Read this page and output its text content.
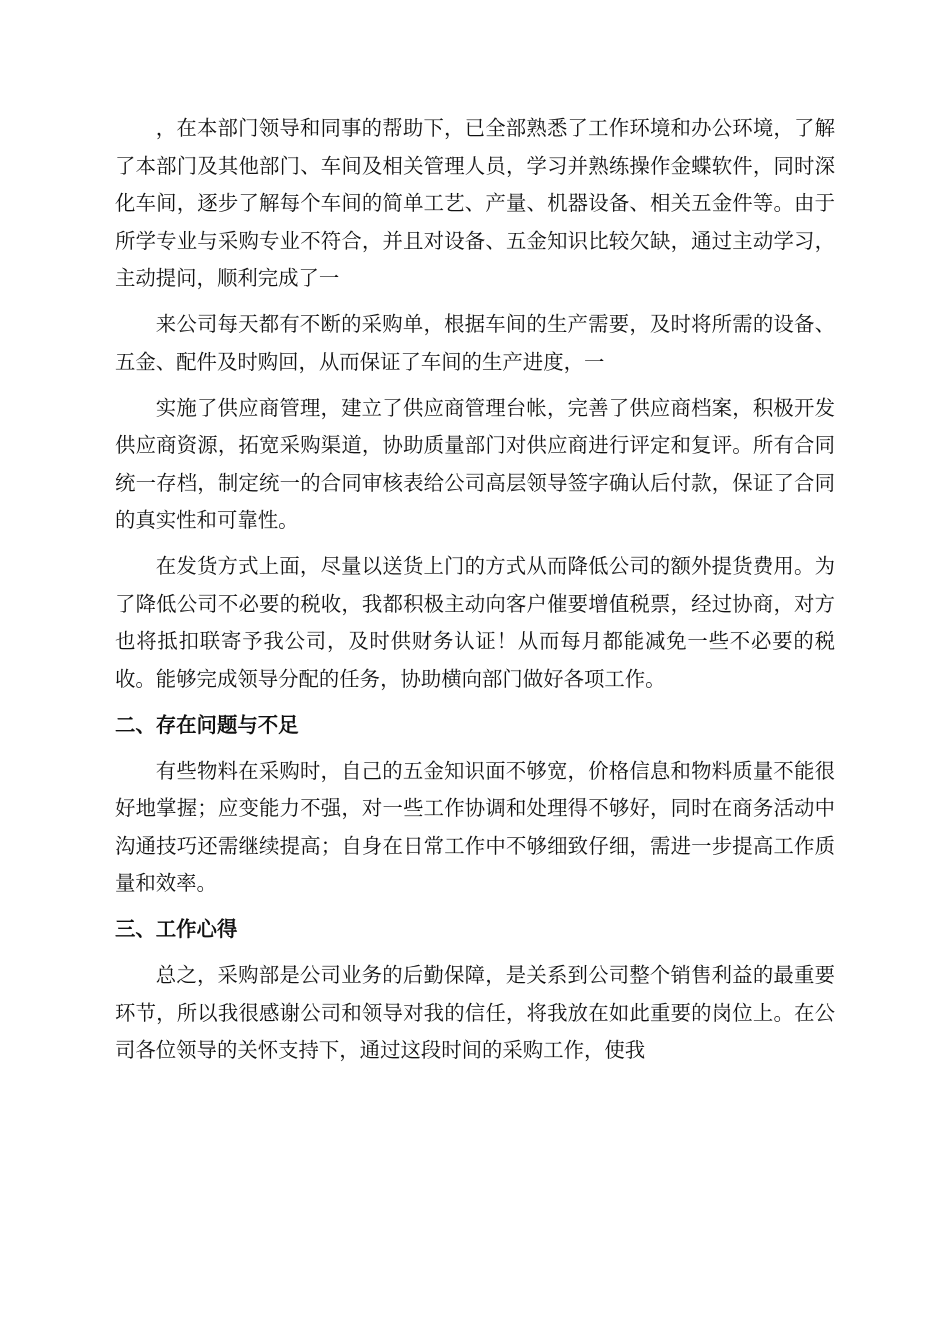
，在本部门领导和同事的帮助下，已全部熟悉了工作环境和办公环境，了解了本部门及其他部门、车间及相关管理人员，学习并熟练操作金蝶软件，同时深化车间，逐步了解每个车间的简单工艺、产量、机器设备、相关五金件等。由于所学专业与采购专业不符合，并且对设备、五金知识比较欠缺，通过主动学习，主动提问，顺利完成了一

来公司每天都有不断的采购单，根据车间的生产需要，及时将所需的设备、五金、配件及时购回，从而保证了车间的生产进度，一

实施了供应商管理，建立了供应商管理台帐，完善了供应商档案，积极开发供应商资源，拓宽采购渠道，协助质量部门对供应商进行评定和复评。所有合同统一存档，制定统一的合同审核表给公司高层领导签字确认后付款，保证了合同的真实性和可靠性。

在发货方式上面，尽量以送货上门的方式从而降低公司的额外提货费用。为了降低公司不必要的税收，我都积极主动向客户催要增值税票，经过协商，对方也将抵扣联寄予我公司，及时供财务认证！从而每月都能减免一些不必要的税收。能够完成领导分配的任务，协助横向部门做好各项工作。

二、存在问题与不足

有些物料在采购时，自己的五金知识面不够宽，价格信息和物料质量不能很好地掌握；应变能力不强，对一些工作协调和处理得不够好，同时在商务活动中沟通技巧还需继续提高；自身在日常工作中不够细致仔细，需进一步提高工作质量和效率。

三、工作心得

总之，采购部是公司业务的后勤保障，是关系到公司整个销售利益的最重要环节，所以我很感谢公司和领导对我的信任，将我放在如此重要的岗位上。在公司各位领导的关怀支持下，通过这段时间的采购工作，使我
